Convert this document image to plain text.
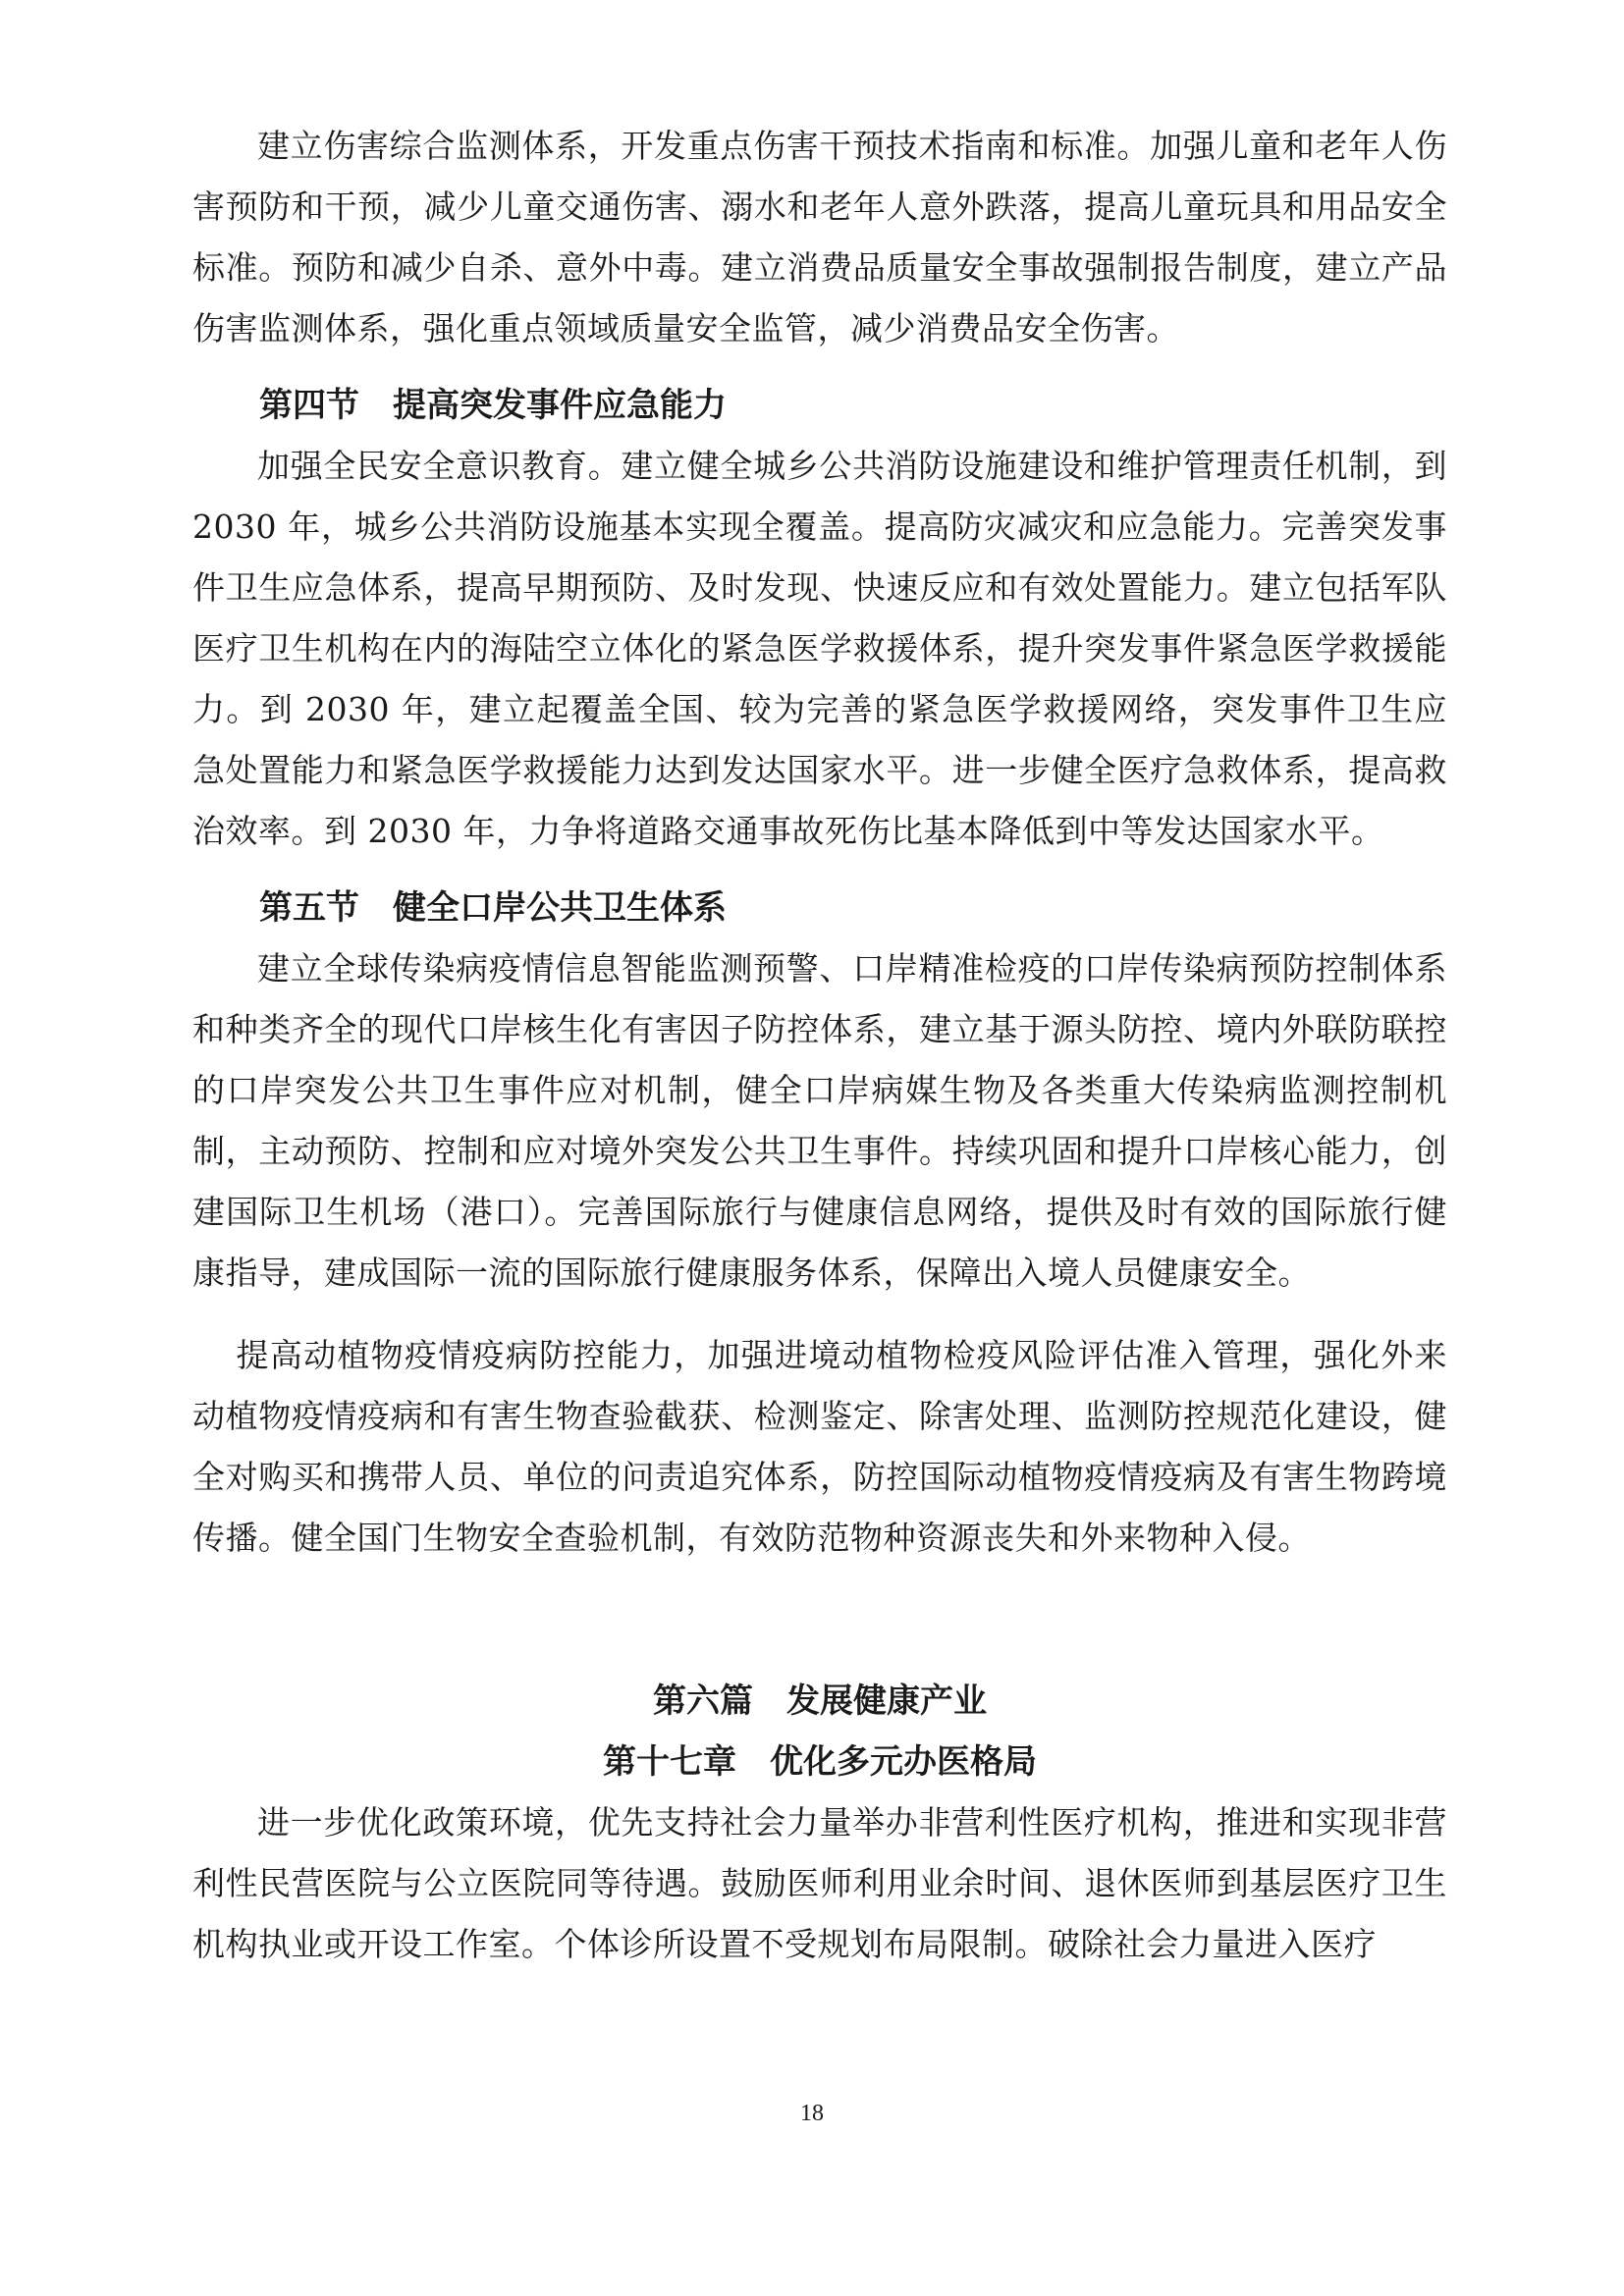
建立伤害综合监测体系，开发重点伤害干预技术指南和标准。加强儿童和老年人伤害预防和干预，减少儿童交通伤害、溺水和老年人意外跌落，提高儿童玩具和用品安全标准。预防和减少自杀、意外中毒。建立消费品质量安全事故强制报告制度，建立产品伤害监测体系，强化重点领域质量安全监管，减少消费品安全伤害。

第四节　提高突发事件应急能力

加强全民安全意识教育。建立健全城乡公共消防设施建设和维护管理责任机制，到 2030 年，城乡公共消防设施基本实现全覆盖。提高防灾减灾和应急能力。完善突发事件卫生应急体系，提高早期预防、及时发现、快速反应和有效处置能力。建立包括军队医疗卫生机构在内的海陆空立体化的紧急医学救援体系，提升突发事件紧急医学救援能力。到 2030 年，建立起覆盖全国、较为完善的紧急医学救援网络，突发事件卫生应急处置能力和紧急医学救援能力达到发达国家水平。进一步健全医疗急救体系，提高救治效率。到 2030 年，力争将道路交通事故死伤比基本降低到中等发达国家水平。

第五节　健全口岸公共卫生体系

建立全球传染病疫情信息智能监测预警、口岸精准检疫的口岸传染病预防控制体系和种类齐全的现代口岸核生化有害因子防控体系，建立基于源头防控、境内外联防联控的口岸突发公共卫生事件应对机制，健全口岸病媒生物及各类重大传染病监测控制机制，主动预防、控制和应对境外突发公共卫生事件。持续巩固和提升口岸核心能力，创建国际卫生机场（港口）。完善国际旅行与健康信息网络，提供及时有效的国际旅行健康指导，建成国际一流的国际旅行健康服务体系，保障出入境人员健康安全。

提高动植物疫情疫病防控能力，加强进境动植物检疫风险评估准入管理，强化外来动植物疫情疫病和有害生物查验截获、检测鉴定、除害处理、监测防控规范化建设，健全对购买和携带人员、单位的问责追究体系，防控国际动植物疫情疫病及有害生物跨境传播。健全国门生物安全查验机制，有效防范物种资源丧失和外来物种入侵。

第六篇　发展健康产业
第十七章　优化多元办医格局

进一步优化政策环境，优先支持社会力量举办非营利性医疗机构，推进和实现非营利性民营医院与公立医院同等待遇。鼓励医师利用业余时间、退休医师到基层医疗卫生机构执业或开设工作室。个体诊所设置不受规划布局限制。破除社会力量进入医疗

18
